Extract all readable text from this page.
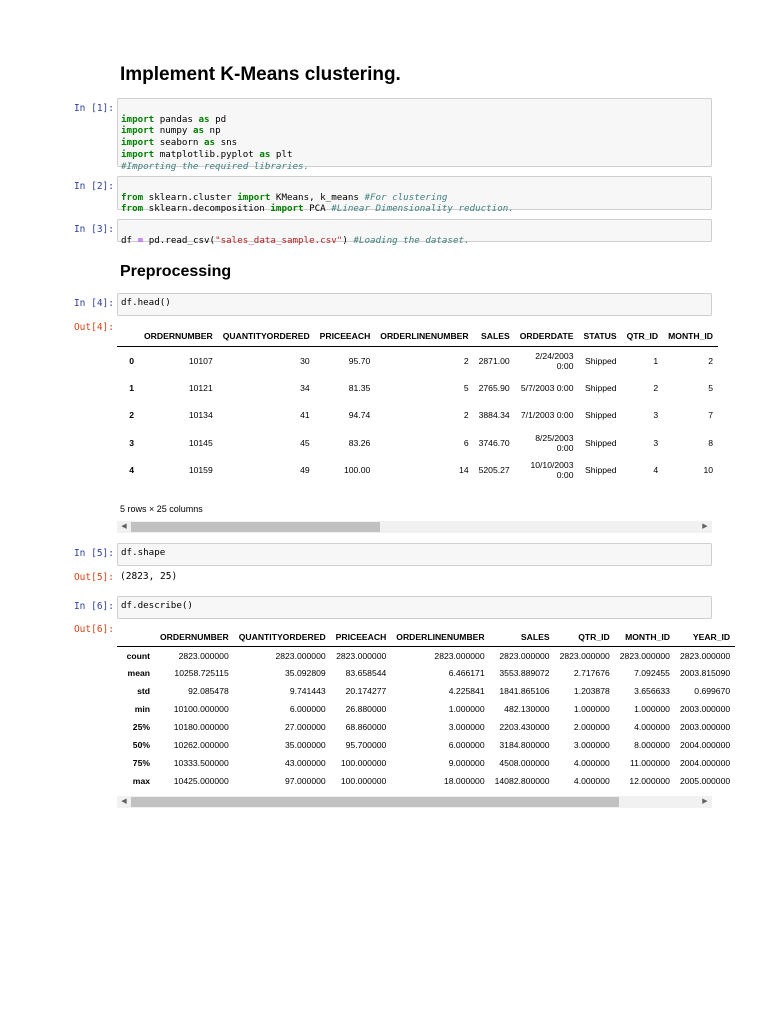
Implement K-Means clustering.
In [1]:

import pandas as pd
import numpy as np
import seaborn as sns
import matplotlib.pyplot as plt
#Importing the required libraries.

In [2]:

from sklearn.cluster import KMeans, k_means #For clustering
from sklearn.decomposition import PCA #Linear Dimensionality reduction.

In [3]:

df = pd.read_csv("sales_data_sample.csv") #Loading the dataset.

Preprocessing
In [4]: df.head()
Out[4]:
	ORDERNUMBER	QUANTITYORDERED	PRICEEACH	ORDERLINENUMBER	SALES	ORDERDATE	STATUS	QTR_ID	MONTH_ID
0	10107	30	95.70	2	2871.00	2/24/2003 0:00	Shipped	1	2
1	10121	34	81.35	5	2765.90	5/7/2003 0:00	Shipped	2	5
2	10134	41	94.74	2	3884.34	7/1/2003 0:00	Shipped	3	7
3	10145	45	83.26	6	3746.70	8/25/2003 0:00	Shipped	3	8
4	10159	49	100.00	14	5205.27	10/10/2003 0:00	Shipped	4	10
5 rows × 25 columns
◀	▶
In [5]: df.shape
Out[5]: (2823, 25)
In [6]: df.describe()
Out[6]:
	ORDERNUMBER	QUANTITYORDERED	PRICEEACH	ORDERLINENUMBER	SALES	QTR_ID	MONTH_ID	YEAR_ID
count	2823.000000	2823.000000	2823.000000	2823.000000	2823.000000	2823.000000	2823.000000	2823.000000
mean	10258.725115	35.092809	83.658544	6.466171	3553.889072	2.717676	7.092455	2003.815090
std	92.085478	9.741443	20.174277	4.225841	1841.865106	1.203878	3.656633	0.699670
min	10100.000000	6.000000	26.880000	1.000000	482.130000	1.000000	1.000000	2003.000000
25%	10180.000000	27.000000	68.860000	3.000000	2203.430000	2.000000	4.000000	2003.000000
50%	10262.000000	35.000000	95.700000	6.000000	3184.800000	3.000000	8.000000	2004.000000
75%	10333.500000	43.000000	100.000000	9.000000	4508.000000	4.000000	11.000000	2004.000000
max	10425.000000	97.000000	100.000000	18.000000	14082.800000	4.000000	12.000000	2005.000000
◀	▶
